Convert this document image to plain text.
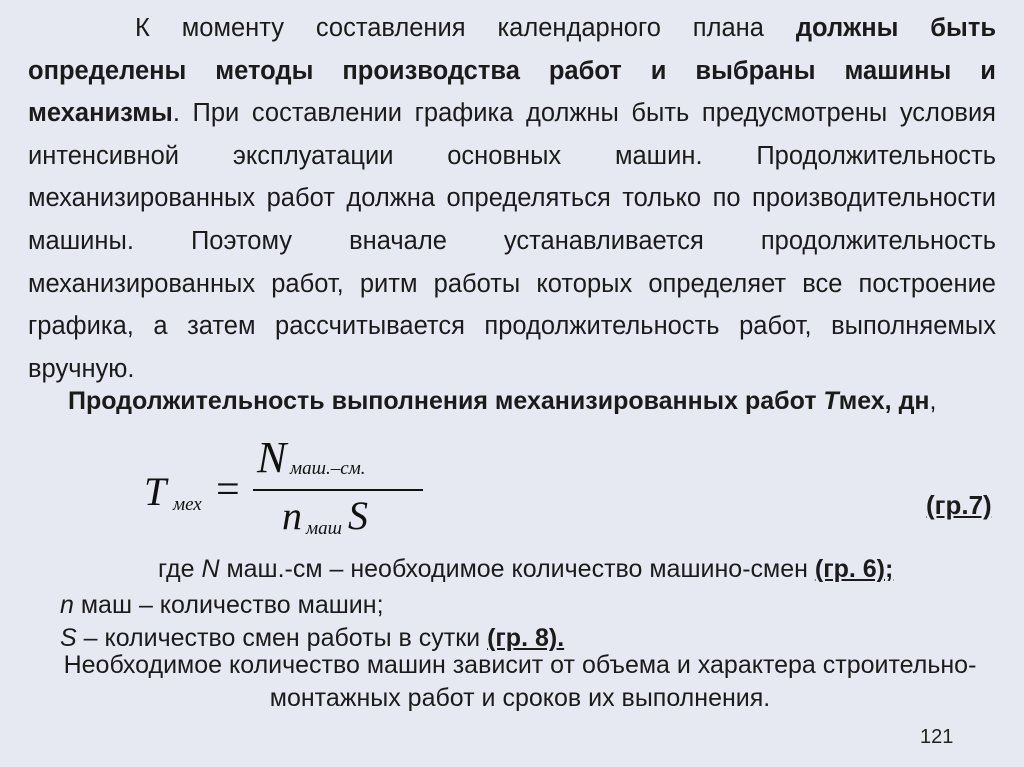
К моменту составления календарного плана должны быть определены методы производства работ и выбраны машины и механизмы. При составлении графика должны быть предусмотрены условия интенсивной эксплуатации основных машин. Продолжительность механизированных работ должна определяться только по производительности машины. Поэтому вначале устанавливается продолжительность механизированных работ, ритм работы которых определяет все построение графика, а затем рассчитывается продолжительность работ, выполняемых вручную.

Продолжительность выполнения механизированных работ Тмех, дн,

T мех =
N маш.–см.
n маш S	(гр.7)

где N маш.-см – необходимое количество машино-смен (гр. 6);

n маш – количество машин;

S – количество смен работы в сутки (гр. 8).

Необходимое количество машин зависит от объема и характера строительно-монтажных работ и сроков их выполнения.

121
